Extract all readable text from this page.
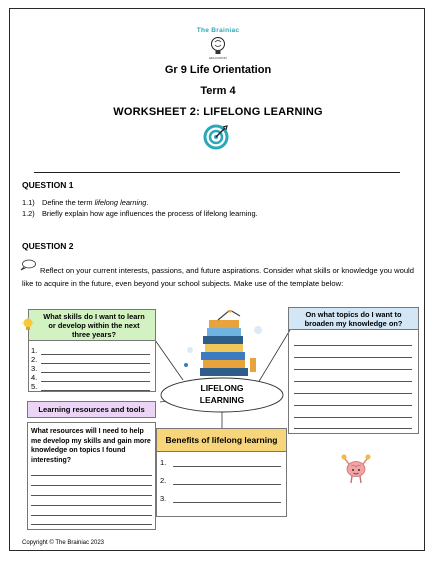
The Brainiac
EDUCATION
Gr 9 Life Orientation
Term 4
WORKSHEET 2: LIFELONG LEARNING
QUESTION 1
1.1) Define the term lifelong learning.
1.2) Briefly explain how age influences the process of lifelong learning.
QUESTION 2
Reflect on your current interests, passions, and future aspirations. Consider what skills or knowledge you would like to acquire in the future, even beyond your school subjects. Make use of the template below:
What skills do I want to learn or develop within the next three years?
1.
2.
3.
4.
5.
On what topics do I want to broaden my knowledge on?
LIFELONG LEARNING
Learning resources and tools
What resources will I need to help me develop my skills and gain more knowledge on topics I found interesting?
Benefits of lifelong learning
1.
2.
3.
Copyright © The Brainiac 2023
